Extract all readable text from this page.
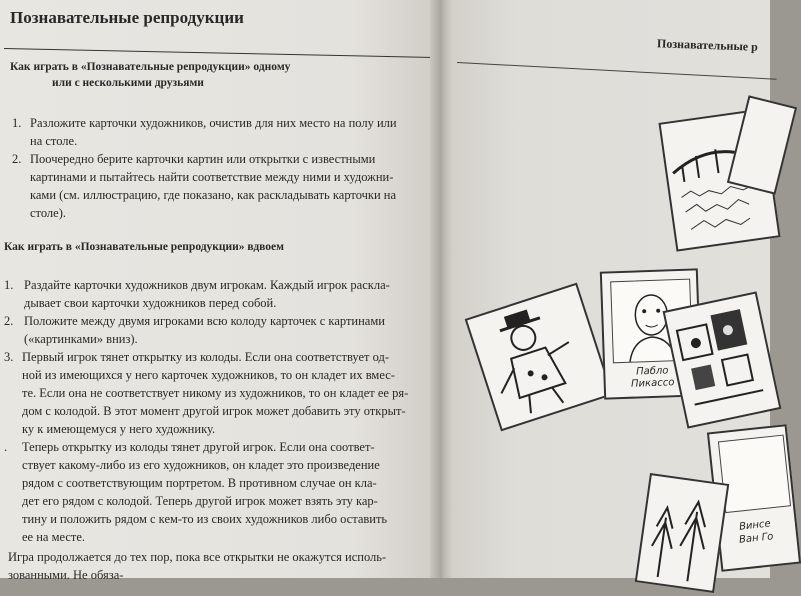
Познавательные репродукции
Как играть в «Познавательные репродукции» одному
или с несколькими друзьями
1. Разложите карточки художников, очистив для них место на полу или
на столе.
2. Поочередно берите карточки картин или открытки с известными
картинами и пытайтесь найти соответствие между ними и художни-
ками (см. иллюстрацию, где показано, как раскладывать карточки на
столе).
Как играть в «Познавательные репродукции» вдвоем
1. Раздайте карточки художников двум игрокам. Каждый игрок раскла-
дывает свои карточки художников перед собой.
2. Положите между двумя игроками всю колоду карточек с картинами
(«картинками» вниз).
3. Первый игрок тянет открытку из колоды. Если она соответствует од-
ной из имеющихся у него карточек художников, то он кладет их вмес-
те. Если она не соответствует никому из художников, то он кладет ее ря-
дом с колодой. В этот момент другой игрок может добавить эту открыт-
ку к имеющемуся у него художнику.
. Теперь открытку из колоды тянет другой игрок. Если она соответ-
ствует какому-либо из его художников, он кладет это произведение
рядом с соответствующим портретом. В противном случае он кла-
дет его рядом с колодой. Теперь другой игрок может взять эту кар-
тину и положить рядом с кем-то из своих художников либо оставить
ее на месте.
Игра продолжается до тех пор, пока все открытки не окажутся исполь-
зованными. Не обяза-
Познавательные р
Пабло Пикассо
Винсе
Ван Го
